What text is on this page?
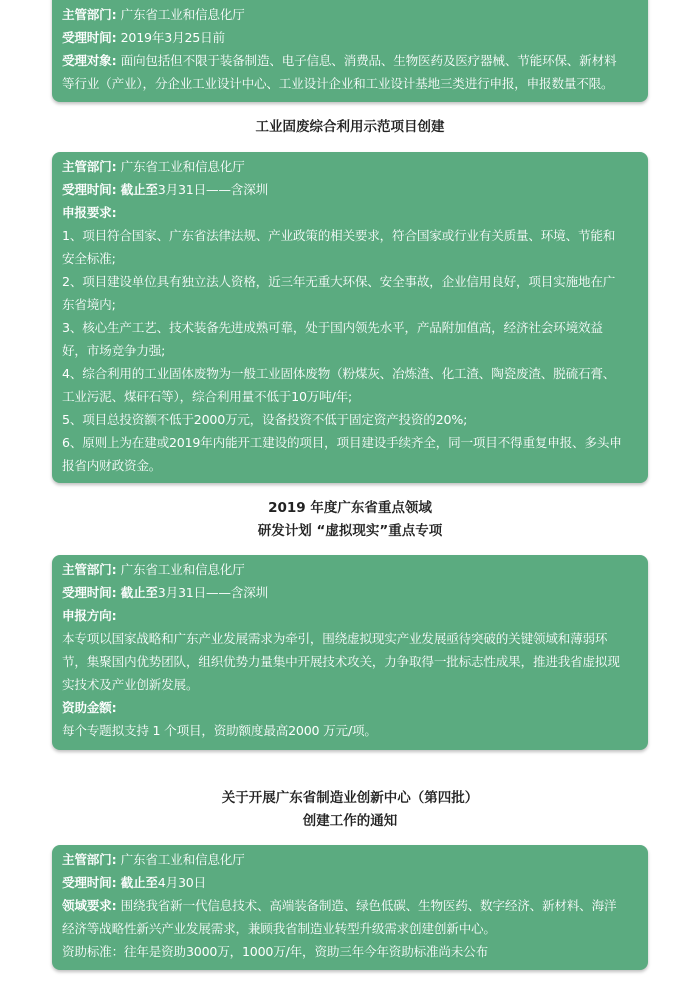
主管部门: 广东省工业和信息化厅
受理时间: 2019年3月25日前
受理对象: 面向包括但不限于装备制造、电子信息、消费品、生物医药及医疗器械、节能环保、新材料
等行业（产业），分企业工业设计中心、工业设计企业和工业设计基地三类进行申报，申报数量不限。
工业固废综合利用示范项目创建
主管部门: 广东省工业和信息化厅
受理时间: 截止至3月31日——含深圳
申报要求:
1、项目符合国家、广东省法律法规、产业政策的相关要求，符合国家或行业有关质量、环境、节能和
安全标准;
2、项目建设单位具有独立法人资格，近三年无重大环保、安全事故，企业信用良好，项目实施地在广
东省境内;
3、核心生产工艺、技术装备先进成熟可靠，处于国内领先水平，产品附加值高，经济社会环境效益
好，市场竞争力强;
4、综合利用的工业固体废物为一般工业固体废物（粉煤灰、冶炼渣、化工渣、陶瓷废渣、脱硫石膏、
工业污泥、煤矸石等），综合利用量不低于10万吨/年;
5、项目总投资额不低于2000万元，设备投资不低于固定资产投资的20%;
6、原则上为在建或2019年内能开工建设的项目，项目建设手续齐全，同一项目不得重复申报、多头申
报省内财政资金。
2019 年度广东省重点领域
研发计划 “虚拟现实”重点专项
主管部门: 广东省工业和信息化厅
受理时间: 截止至3月31日——含深圳
申报方向:
本专项以国家战略和广东产业发展需求为牵引，围绕虚拟现实产业发展亟待突破的关键领域和薄弱环
节，集聚国内优势团队，组织优势力量集中开展技术攻关，力争取得一批标志性成果，推进我省虚拟现
实技术及产业创新发展。
资助金额:
每个专题拟支持 1 个项目，资助额度最高2000 万元/项。
关于开展广东省制造业创新中心（第四批）
创建工作的通知
主管部门: 广东省工业和信息化厅
受理时间: 截止至4月30日
领域要求: 围绕我省新一代信息技术、高端装备制造、绿色低碳、生物医药、数字经济、新材料、海洋
经济等战略性新兴产业发展需求，兼顾我省制造业转型升级需求创建创新中心。
资助标准：往年是资助3000万，1000万/年，资助三年今年资助标准尚未公布
